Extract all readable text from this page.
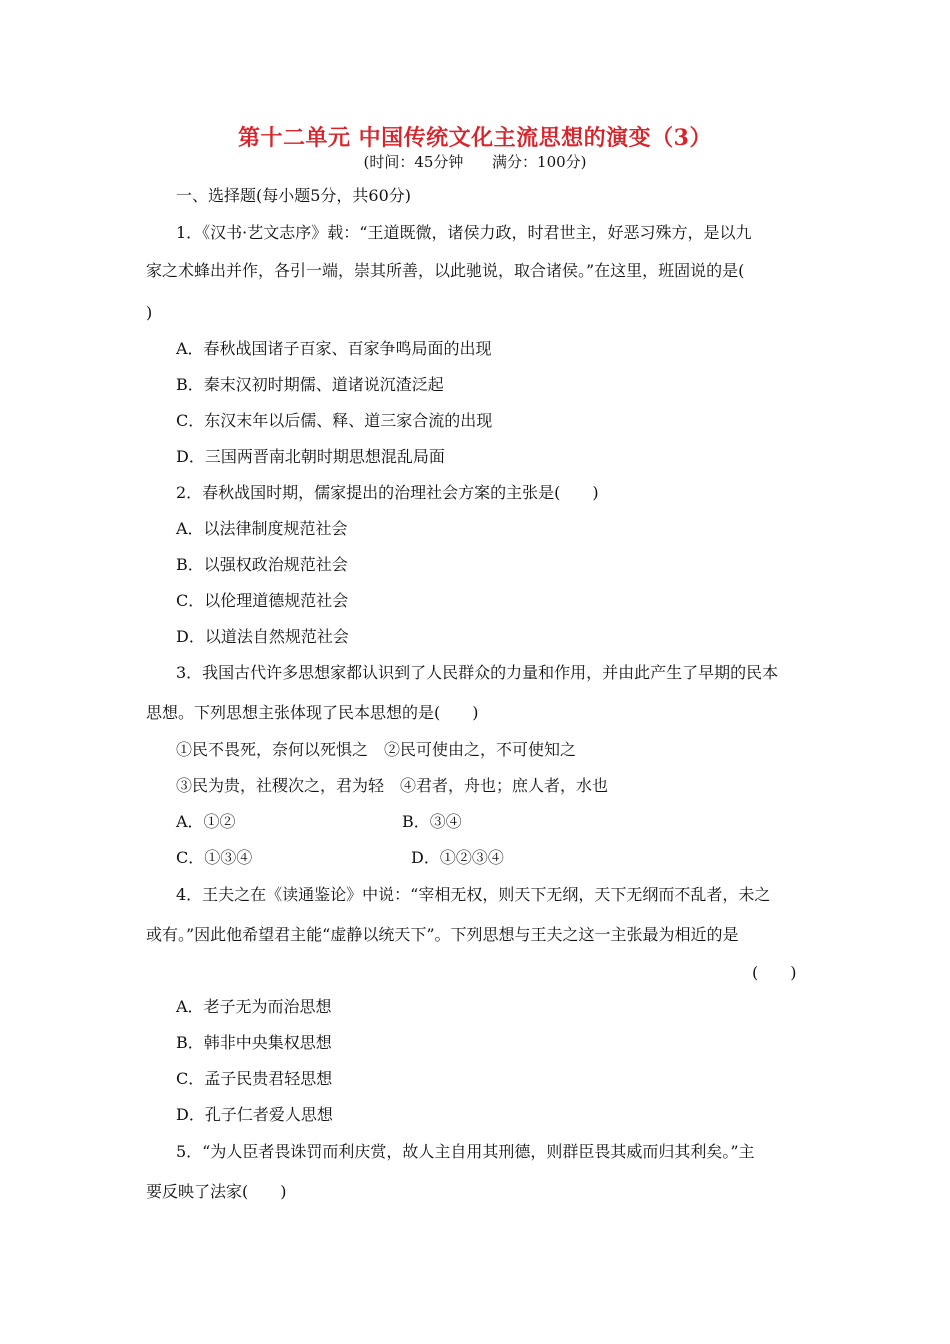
第十二单元 中国传统文化主流思想的演变（3）
(时间：45分钟      满分：100分)
一、选择题(每小题5分，共60分)
1．《汉书·艺文志序》载：“王道既微，诸侯力政，时君世主，好恶习殊方，是以九
家之术蜂出并作，各引一端，崇其所善，以此驰说，取合诸侯。”在这里，班固说的是(
)
A．春秋战国诸子百家、百家争鸣局面的出现
B．秦末汉初时期儒、道诸说沉渣泛起
C．东汉末年以后儒、释、道三家合流的出现
D．三国两晋南北朝时期思想混乱局面
2．春秋战国时期，儒家提出的治理社会方案的主张是(　　)
A．以法律制度规范社会
B．以强权政治规范社会
C．以伦理道德规范社会
D．以道法自然规范社会
3．我国古代许多思想家都认识到了人民群众的力量和作用，并由此产生了早期的民本
思想。下列思想主张体现了民本思想的是(　　)
①民不畏死，奈何以死惧之　②民可使由之，不可使知之
③民为贵，社稷次之，君为轻　④君者，舟也；庶人者，水也
A．①②	B．③④
C．①③④	D．①②③④
4．王夫之在《读通鉴论》中说：“宰相无权，则天下无纲，天下无纲而不乱者，未之
或有。”因此他希望君主能“虚静以统天下”。下列思想与王夫之这一主张最为相近的是
(　　)
A．老子无为而治思想
B．韩非中央集权思想
C．孟子民贵君轻思想
D．孔子仁者爱人思想
5．“为人臣者畏诛罚而利庆赏，故人主自用其刑德，则群臣畏其威而归其利矣。”主
要反映了法家(　　)
